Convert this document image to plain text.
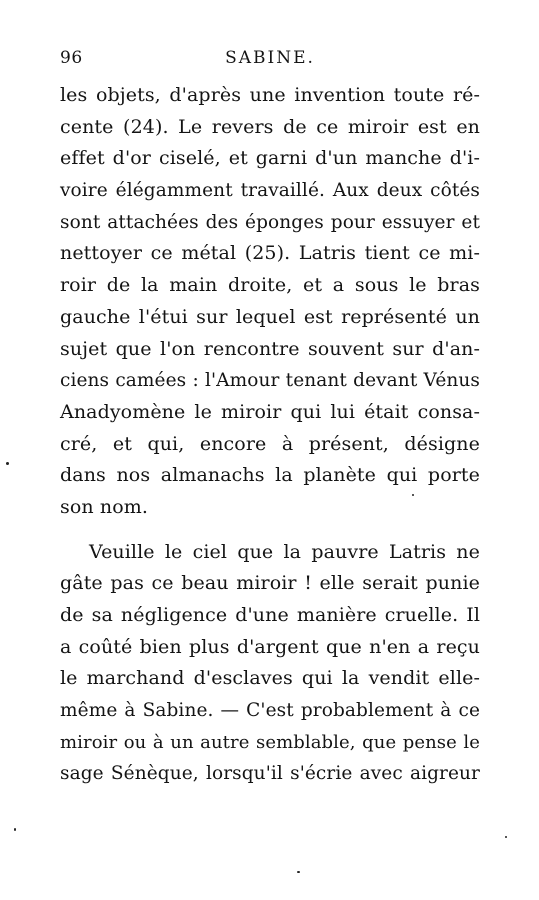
96	SABINE.
les objets, d'après une invention toute ré-
cente (24). Le revers de ce miroir est en
effet d'or ciselé, et garni d'un manche d'i-
voire élégamment travaillé. Aux deux côtés
sont attachées des éponges pour essuyer et
nettoyer ce métal (25). Latris tient ce mi-
roir de la main droite, et a sous le bras
gauche l'étui sur lequel est représenté un
sujet que l'on rencontre souvent sur d'an-
ciens camées : l'Amour tenant devant Vénus
Anadyomène le miroir qui lui était consa-
cré, et qui, encore à présent, désigne
dans nos almanachs la planète qui porte
son nom.
Veuille le ciel que la pauvre Latris ne
gâte pas ce beau miroir ! elle serait punie
de sa négligence d'une manière cruelle. Il
a coûté bien plus d'argent que n'en a reçu
le marchand d'esclaves qui la vendit elle-
même à Sabine. — C'est probablement à ce
miroir ou à un autre semblable, que pense le
sage Sénèque, lorsqu'il s'écrie avec aigreur
